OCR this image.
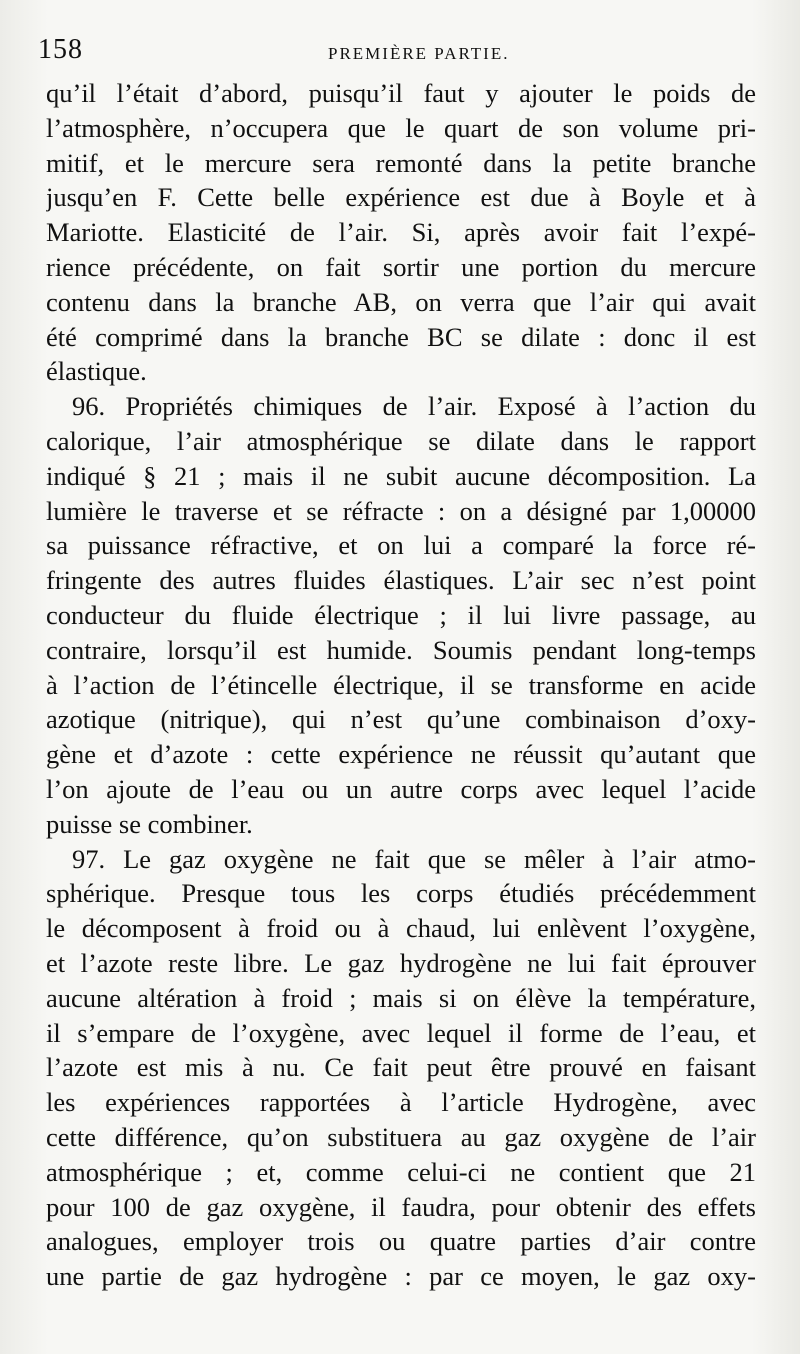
158	PREMIÈRE PARTIE.
qu’il l’était d’abord, puisqu’il faut y ajouter le poids de
l’atmosphère, n’occupera que le quart de son volume pri-
mitif, et le mercure sera remonté dans la petite branche
jusqu’en F. Cette belle expérience est due à Boyle et à
Mariotte. Elasticité de l’air. Si, après avoir fait l’expé-
rience précédente, on fait sortir une portion du mercure
contenu dans la branche AB, on verra que l’air qui avait
été comprimé dans la branche BC se dilate : donc il est
élastique.
96. Propriétés chimiques de l’air. Exposé à l’action du
calorique, l’air atmosphérique se dilate dans le rapport
indiqué § 21 ; mais il ne subit aucune décomposition. La
lumière le traverse et se réfracte : on a désigné par 1,00000
sa puissance réfractive, et on lui a comparé la force ré-
fringente des autres fluides élastiques. L’air sec n’est point
conducteur du fluide électrique ; il lui livre passage, au
contraire, lorsqu’il est humide. Soumis pendant long-temps
à l’action de l’étincelle électrique, il se transforme en acide
azotique (nitrique), qui n’est qu’une combinaison d’oxy-
gène et d’azote : cette expérience ne réussit qu’autant que
l’on ajoute de l’eau ou un autre corps avec lequel l’acide
puisse se combiner.
97. Le gaz oxygène ne fait que se mêler à l’air atmo-
sphérique. Presque tous les corps étudiés précédemment
le décomposent à froid ou à chaud, lui enlèvent l’oxygène,
et l’azote reste libre. Le gaz hydrogène ne lui fait éprouver
aucune altération à froid ; mais si on élève la température,
il s’empare de l’oxygène, avec lequel il forme de l’eau, et
l’azote est mis à nu. Ce fait peut être prouvé en faisant
les expériences rapportées à l’article Hydrogène, avec
cette différence, qu’on substituera au gaz oxygène de l’air
atmosphérique ; et, comme celui-ci ne contient que 21
pour 100 de gaz oxygène, il faudra, pour obtenir des effets
analogues, employer trois ou quatre parties d’air contre
une partie de gaz hydrogène : par ce moyen, le gaz oxy-
